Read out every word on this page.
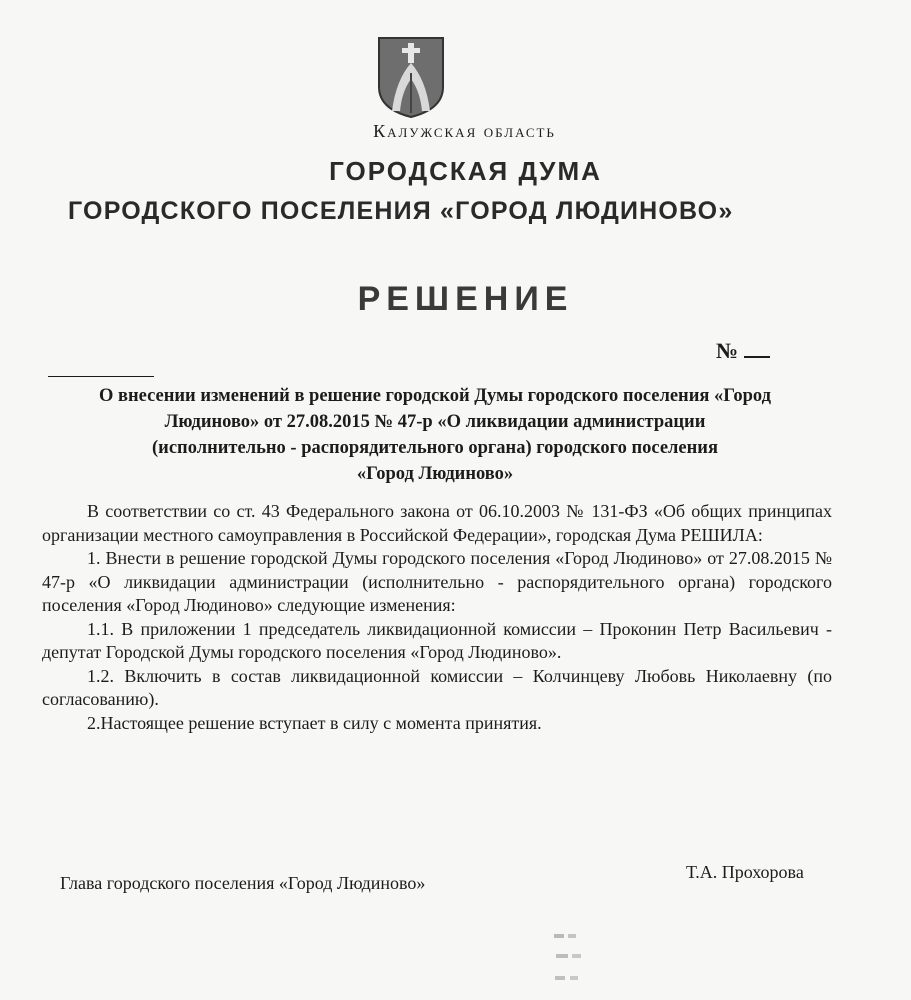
Калужская область
ГОРОДСКАЯ ДУМА
ГОРОДСКОГО ПОСЕЛЕНИЯ «ГОРОД ЛЮДИНОВО»
РЕШЕНИЕ
№
О внесении изменений в решение городской Думы городского поселения «Город
Людиново» от 27.08.2015 № 47-р «О ликвидации администрации
(исполнительно - распорядительного органа) городского поселения
«Город Людиново»

В соответствии со ст. 43 Федерального закона от 06.10.2003 № 131-ФЗ «Об общих принципах организации местного самоуправления в Российской Федерации», городская Дума РЕШИЛА:

1. Внести в решение городской Думы городского поселения «Город Людиново» от 27.08.2015 № 47-р «О ликвидации администрации (исполнительно - распорядительного органа) городского поселения «Город Людиново» следующие изменения:

1.1. В приложении 1 председатель ликвидационной комиссии – Проконин Петр Васильевич - депутат Городской Думы городского поселения «Город Людиново».

1.2. Включить в состав ликвидационной комиссии – Колчинцеву Любовь Николаевну (по согласованию).

2.Настоящее решение вступает в силу с момента принятия.

Глава городского поселения «Город Людиново»
Т.А. Прохорова
